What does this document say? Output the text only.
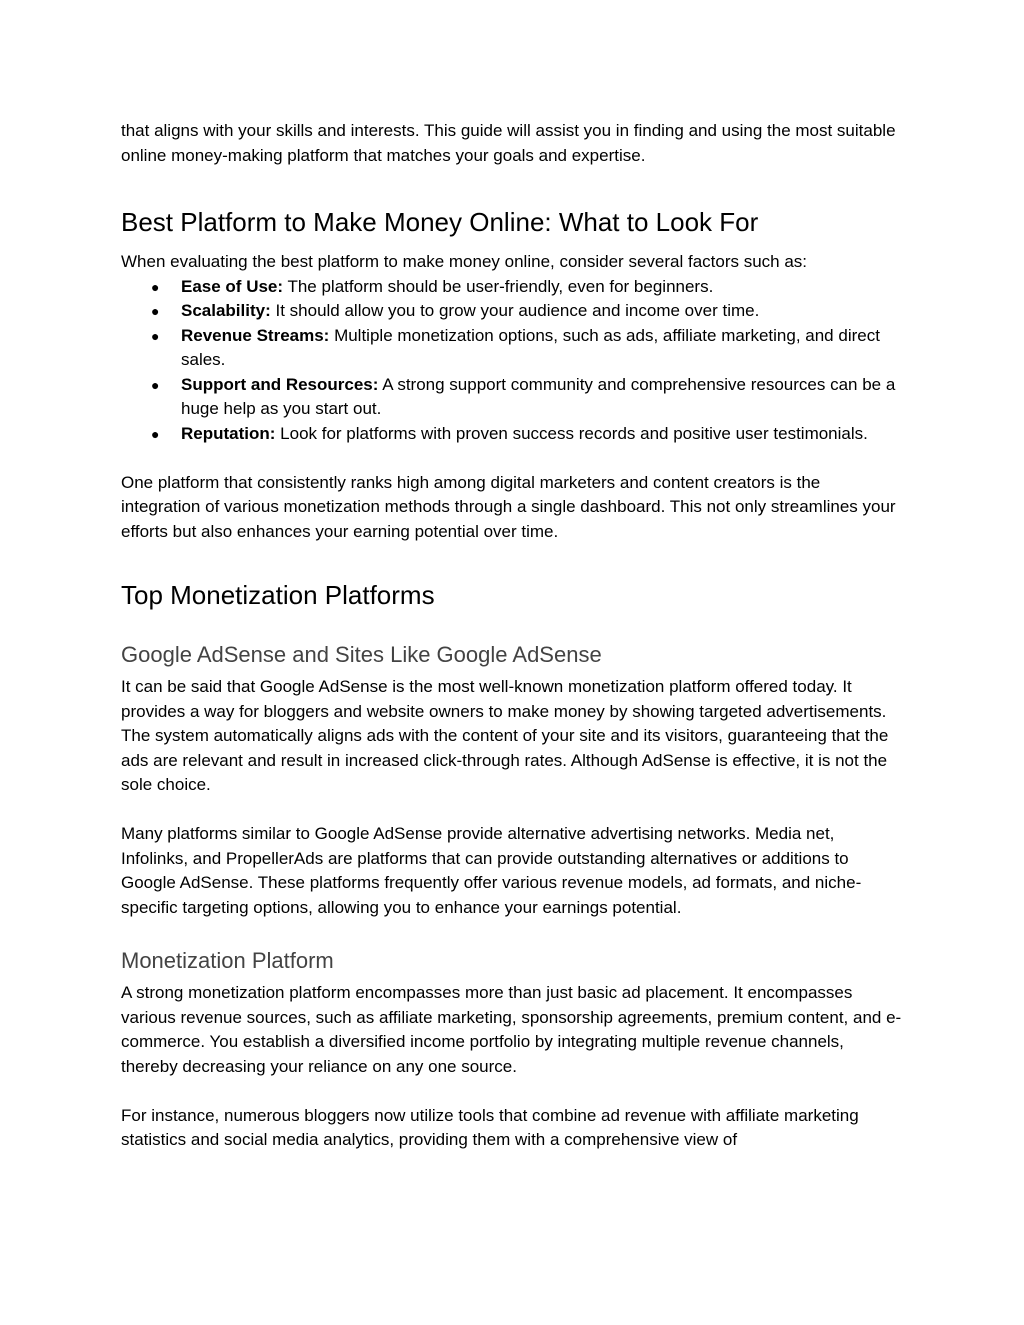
that aligns with your skills and interests. This guide will assist you in finding and using the most suitable online money-making platform that matches your goals and expertise.

Best Platform to Make Money Online: What to Look For

When evaluating the best platform to make money online, consider several factors such as:

● Ease of Use: The platform should be user-friendly, even for beginners.
● Scalability: It should allow you to grow your audience and income over time.
● Revenue Streams: Multiple monetization options, such as ads, affiliate marketing, and direct sales.
● Support and Resources: A strong support community and comprehensive resources can be a huge help as you start out.
● Reputation: Look for platforms with proven success records and positive user testimonials.

One platform that consistently ranks high among digital marketers and content creators is the integration of various monetization methods through a single dashboard. This not only streamlines your efforts but also enhances your earning potential over time.

Top Monetization Platforms
Google AdSense and Sites Like Google AdSense

It can be said that Google AdSense is the most well-known monetization platform offered today. It provides a way for bloggers and website owners to make money by showing targeted advertisements. The system automatically aligns ads with the content of your site and its visitors, guaranteeing that the ads are relevant and result in increased click-through rates. Although AdSense is effective, it is not the sole choice.

Many platforms similar to Google AdSense provide alternative advertising networks. Media net, Infolinks, and PropellerAds are platforms that can provide outstanding alternatives or additions to Google AdSense. These platforms frequently offer various revenue models, ad formats, and niche-specific targeting options, allowing you to enhance your earnings potential.

Monetization Platform

A strong monetization platform encompasses more than just basic ad placement. It encompasses various revenue sources, such as affiliate marketing, sponsorship agreements, premium content, and e-commerce. You establish a diversified income portfolio by integrating multiple revenue channels, thereby decreasing your reliance on any one source.

For instance, numerous bloggers now utilize tools that combine ad revenue with affiliate marketing statistics and social media analytics, providing them with a comprehensive view of
